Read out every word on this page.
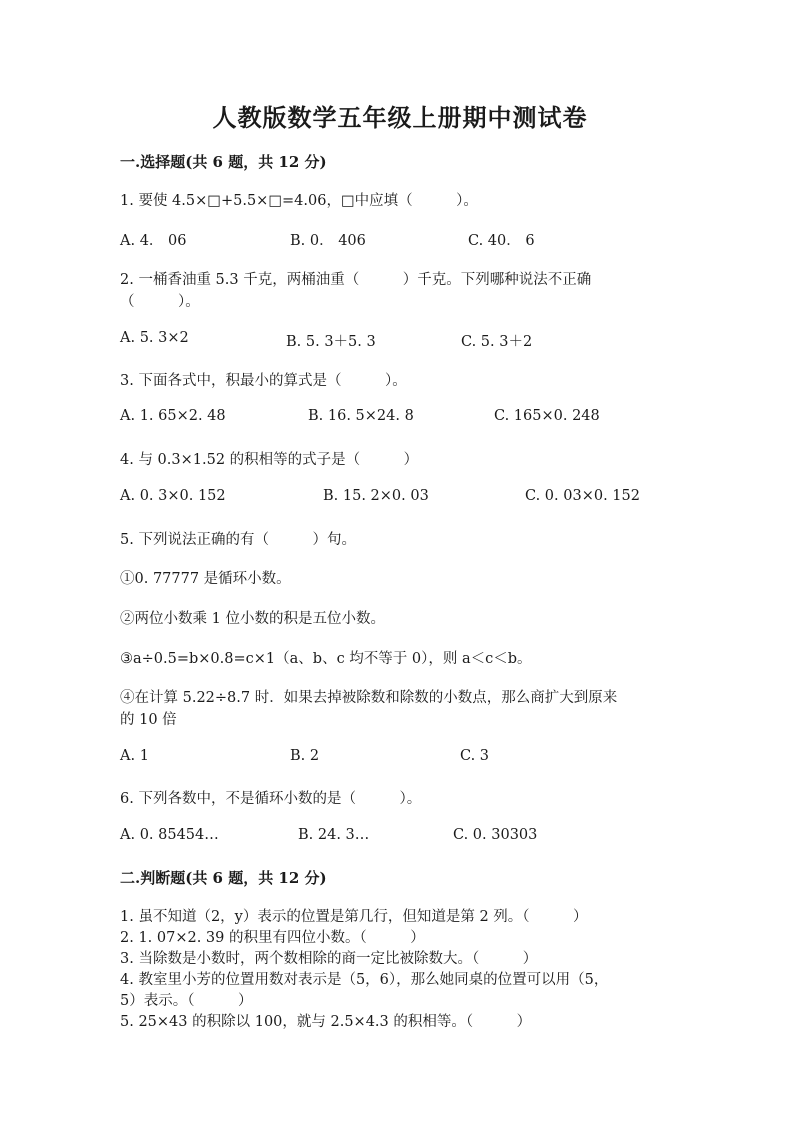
人教版数学五年级上册期中测试卷
一.选择题(共 6 题，共 12 分)
1. 要使 4.5×□+5.5×□=4.06，□中应填（　　　）。
A. 4． 06	B. 0． 406	C. 40． 6
2. 一桶香油重 5.3 千克，两桶油重（　　　）千克。下列哪种说法不正确
（　　　）。
A. 5. 3×2	B. 5. 3＋5. 3	C. 5. 3＋2
3. 下面各式中，积最小的算式是（　　　）。
A. 1. 65×2. 48	B. 16. 5×24. 8	C. 165×0. 248
4. 与 0.3×1.52 的积相等的式子是（　　　）
A. 0. 3×0. 152	B. 15. 2×0. 03	C. 0. 03×0. 152
5. 下列说法正确的有（　　　）句。
①0. 77777 是循环小数。
②两位小数乘 1 位小数的积是五位小数。
③a÷0.5=b×0.8=c×1（a、b、c 均不等于 0），则 a＜c＜b。
④在计算 5.22÷8.7 时．如果去掉被除数和除数的小数点，那么商扩大到原来
的 10 倍
A. 1	B. 2	C. 3
6. 下列各数中，不是循环小数的是（　　　）。
A. 0. 85454…	B. 24. 3…	C. 0. 30303
二.判断题(共 6 题，共 12 分)
1. 虽不知道（2，y）表示的位置是第几行，但知道是第 2 列。（　　　）
2. 1. 07×2. 39 的积里有四位小数。（　　　）
3. 当除数是小数时，两个数相除的商一定比被除数大。（　　　）
4. 教室里小芳的位置用数对表示是（5，6），那么她同桌的位置可以用（5，
5）表示。（　　　）
5. 25×43 的积除以 100，就与 2.5×4.3 的积相等。（　　　）
